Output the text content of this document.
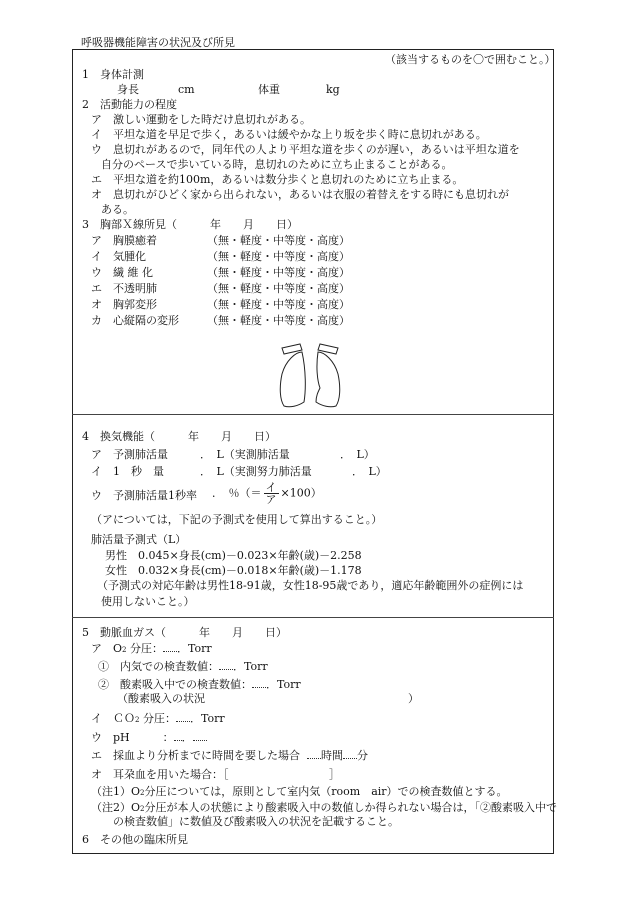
呼吸器機能障害の状況及び所見
（該当するものを〇で囲むこと。）
1　身体計測
身長	cm	体重	kg
2　活動能力の程度
ア　激しい運動をした時だけ息切れがある。
イ　平坦な道を早足で歩く，あるいは緩やかな上り坂を歩く時に息切れがある。
ウ　息切れがあるので，同年代の人より平坦な道を歩くのが遅い，あるいは平坦な道を
自分のペースで歩いている時，息切れのために立ち止まることがある。
エ　平坦な道を約100m，あるいは数分歩くと息切れのために立ち止まる。
オ　息切れがひどく家から出られない，あるいは衣服の着替えをする時にも息切れが
ある。
3　胸部Ｘ線所見（　　　年　　月　　日）
ア　胸膜癒着	（無・軽度・中等度・高度）
イ　気腫化	（無・軽度・中等度・高度）
ウ　繊 維 化	（無・軽度・中等度・高度）
エ　不透明肺	（無・軽度・中等度・高度）
オ　胸郭変形	（無・軽度・中等度・高度）
カ　心縦隔の変形	（無・軽度・中等度・高度）
4　換気機能（　　　年　　月　　日）
ア　予測肺活量	．　L（実測肺活量	．　L）
イ　1　秒　量	．　L（実測努力肺活量	．　L）
ウ　予測肺活量1秒率 ．　％（＝ $\frac{\text{イ}}{\text{ア}} \times 100$）
（アについては，下記の予測式を使用して算出すること。）
肺活量予測式（L）
男性　0.045×身長(cm)－0.023×年齢(歳)－2.258
女性　0.032×身長(cm)－0.018×年齢(歳)－1.178
（予測式の対応年齢は男性18-91歳，女性18-95歳であり，適応年齢範囲外の症例には
使用しないこと。）
5　動脈血ガス（　　　年　　月　　日）
ア　O2 分圧： ．Torr
①　内気での検査数値： ．Torr
②　酸素吸入中での検査数値： ．Torr
（酸素吸入の状況	）
イ　ＣＯ2 分圧： ．Torr
ウ　pH　　　： ．
エ　採血より分析までに時間を要した場合 時間 分
オ　耳朶血を用いた場合：［	］
（注1）O2分圧については，原則として室内気（room　air）での検査数値とする。
（注2）O2分圧が本人の状態により酸素吸入中の数値しか得られない場合は，「②酸素吸入中で
の検査数値」に数値及び酸素吸入の状況を記載すること。
6　その他の臨床所見
